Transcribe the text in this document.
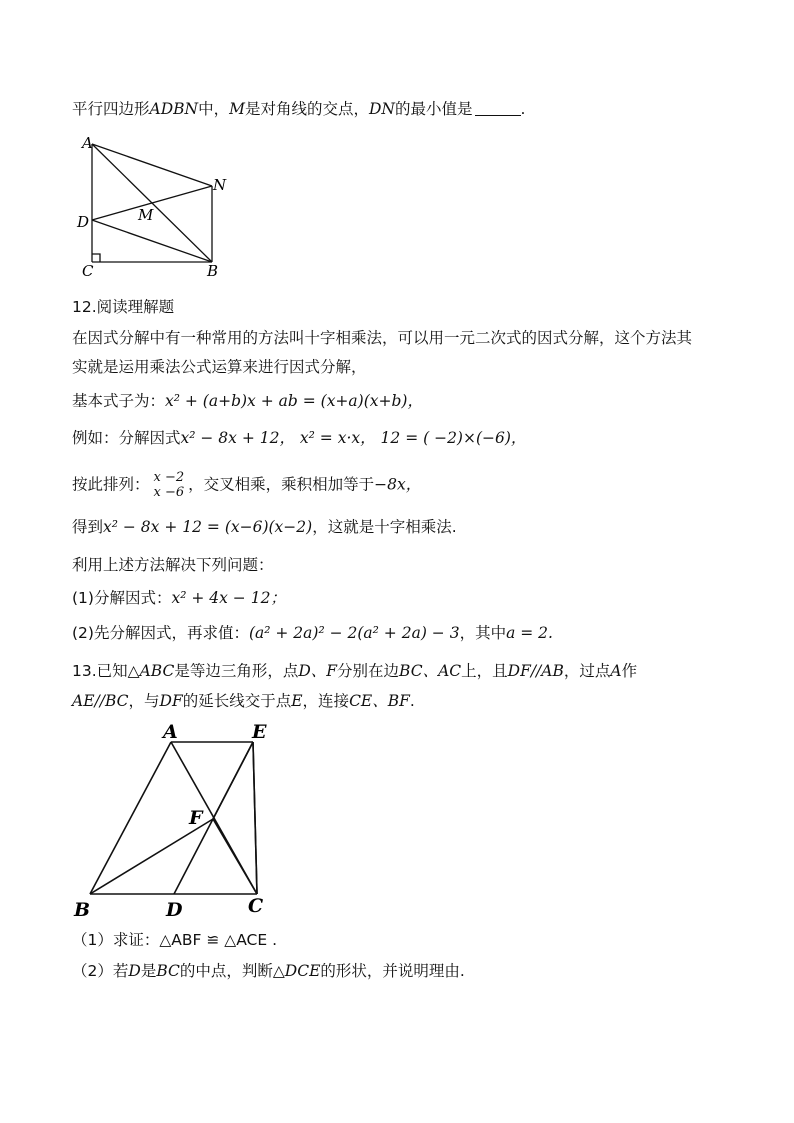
平行四边形ADBN中，M是对角线的交点，DN的最小值是	.
A
N
M
D
C	B
12.阅读理解题
在因式分解中有一种常用的方法叫十字相乘法，可以用一元二次式的因式分解，这个方法其
实就是运用乘法公式运算来进行因式分解，
基本式子为：x² + (a+b)x + ab = (x+a)(x+b)，
例如：分解因式x² − 8x + 12， x² = x·x， 12 = ( −2)×(−6)，
按此排列： x −2
x −6 ，交叉相乘，乘积相加等于−8x，
得到x² − 8x + 12 = (x−6)(x−2)，这就是十字相乘法.
利用上述方法解决下列问题：
(1)分解因式：x² + 4x − 12；
(2)先分解因式，再求值：(a² + 2a)² − 2(a² + 2a) − 3，其中a = 2.
13.已知△ABC是等边三角形，点D、F分别在边BC、AC上，且DF//AB，过点A作
AE//BC，与DF的延长线交于点E，连接CE、BF.
A	E
F
B	D	C
（1）求证：△ABF ≌ △ACE .
（2）若D是BC的中点，判断△DCE的形状，并说明理由.
